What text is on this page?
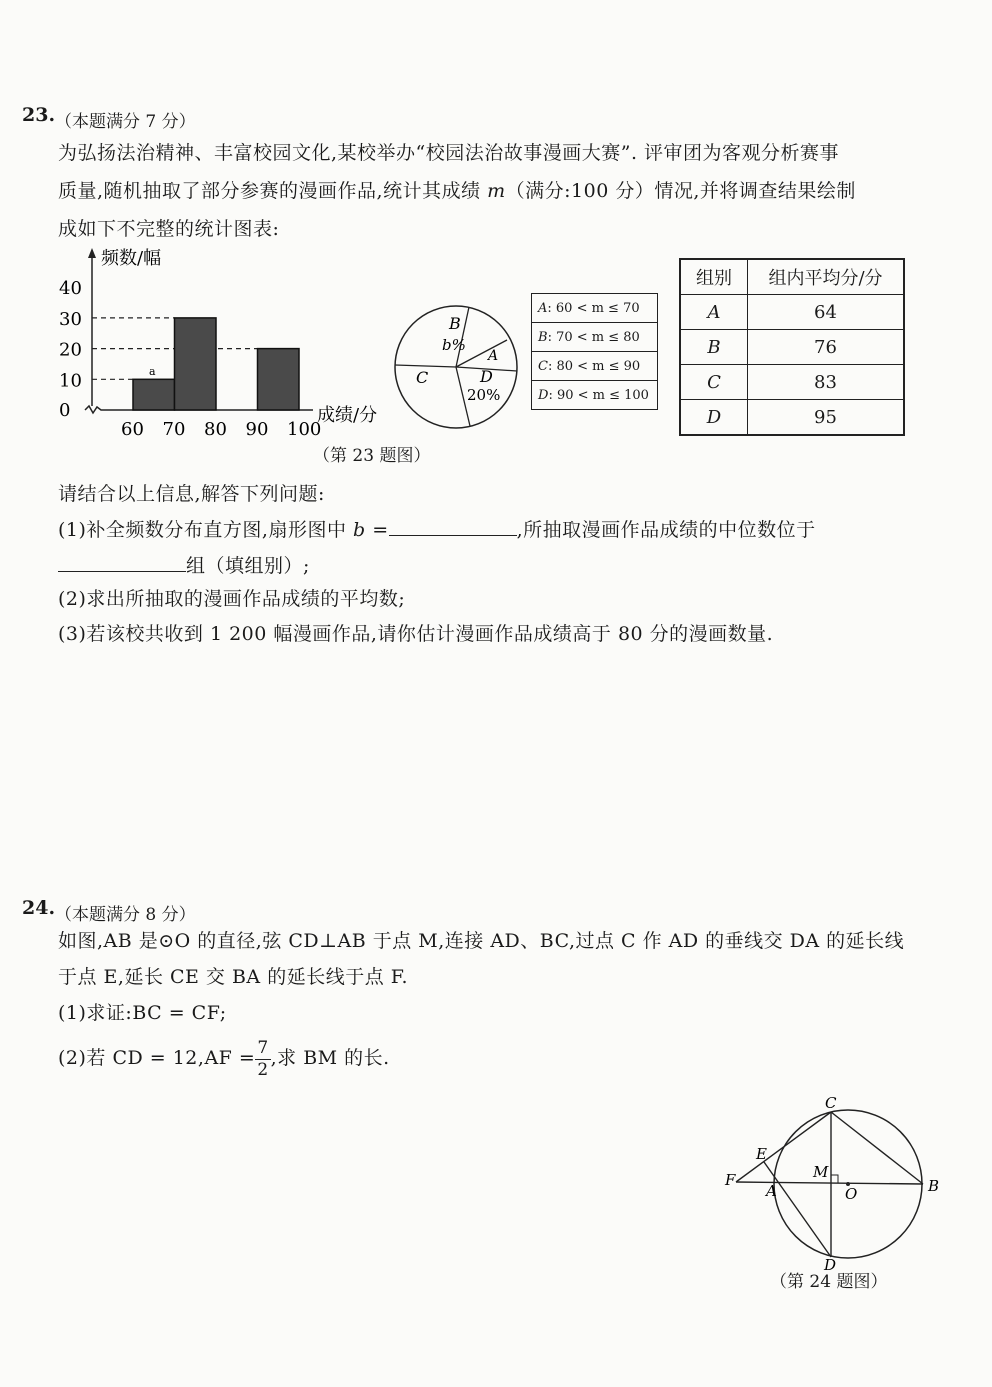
23. （本题满分 7 分）
为弘扬法治精神、丰富校园文化,某校举办“校园法治故事漫画大赛”. 评审团为客观分析赛事
质量,随机抽取了部分参赛的漫画作品,统计其成绩 m（满分:100 分）情况,并将调查结果绘制
成如下不完整的统计图表:
频数/幅
成绩/分
0
10
20
30
40
60 70 80 90 100
a
（第 23 题图）
B
b%
A
C	D
20%
A: 60 < m ≤ 70
B: 70 < m ≤ 80
C: 80 < m ≤ 90
D: 90 < m ≤ 100
组别	组内平均分/分
A	64
B	76
C	83
D	95
请结合以上信息,解答下列问题:
(1)补全频数分布直方图,扇形图中 b =	,所抽取漫画作品成绩的中位数位于
组（填组别）;
(2)求出所抽取的漫画作品成绩的平均数;
(3)若该校共收到 1 200 幅漫画作品,请你估计漫画作品成绩高于 80 分的漫画数量.
24. （本题满分 8 分）
如图,AB 是⊙O 的直径,弦 CD⊥AB 于点 M,连接 AD、BC,过点 C 作 AD 的垂线交 DA 的延长线
于点 E,延长 CE 交 BA 的延长线于点 F.
(1)求证:BC = CF;
(2)若 CD = $12,AF = \frac{7}{2}$ ,求 BM 的长.
C
E
F
A
M
O	B
D
（第 24 题图）
